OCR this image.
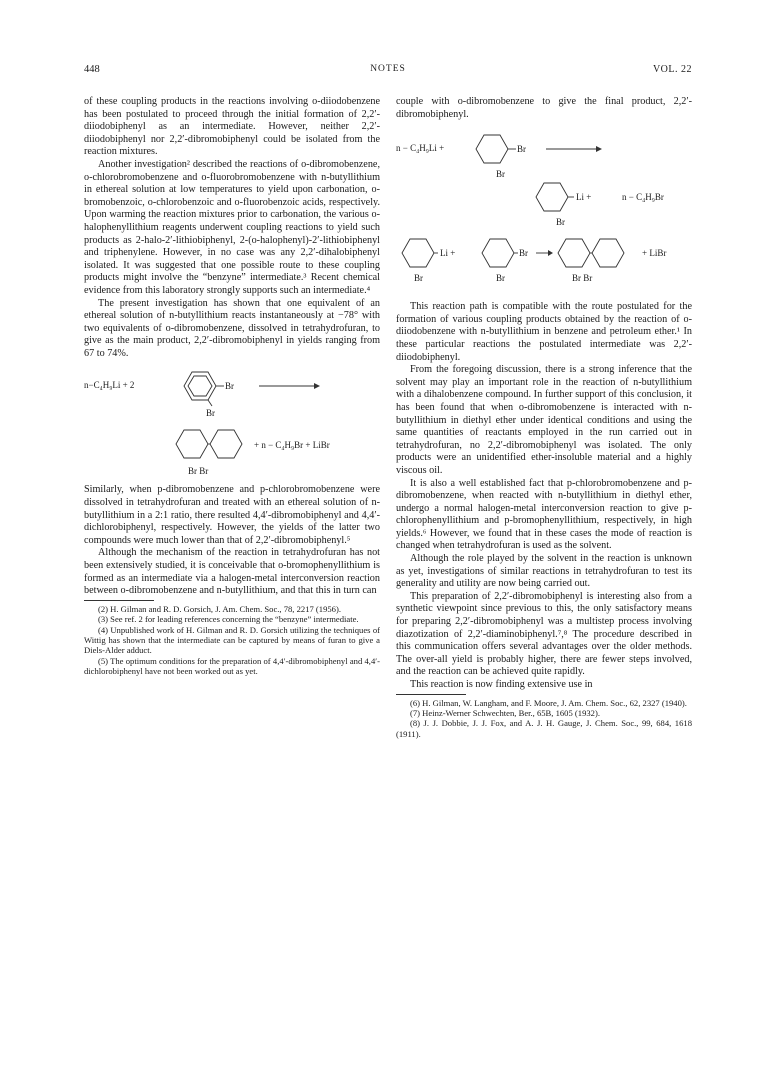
448	NOTES	VOL. 22

of these coupling products in the reactions involving o-diiodobenzene has been postulated to proceed through the initial formation of 2,2′-diiodobiphenyl as an intermediate. However, neither 2,2′-diiodobiphenyl nor 2,2′-dibromobiphenyl could be isolated from the reaction mixtures.

Another investigation² described the reactions of o-dibromobenzene, o-chlorobromobenzene and o-fluorobromobenzene with n-butyllithium in ethereal solution at low temperatures to yield upon carbonation, o-bromobenzoic, o-chlorobenzoic and o-fluorobenzoic acids, respectively. Upon warming the reaction mixtures prior to carbonation, the various o-halophenyllithium reagents underwent coupling reactions to yield such products as 2-halo-2′-lithiobiphenyl, 2-(o-halophenyl)-2′-lithiobiphenyl and triphenylene. However, in no case was any 2,2′-dihalobiphenyl isolated. It was suggested that one possible route to these coupling products might involve the “benzyne” intermediate.³ Recent chemical evidence from this laboratory strongly supports such an intermediate.⁴

The present investigation has shown that one equivalent of an ethereal solution of n-butyllithium reacts instantaneously at −78° with two equivalents of o-dibromobenzene, dissolved in tetrahydrofuran, to give as the main product, 2,2′-dibromobiphenyl in yields ranging from 67 to 74%.

n−C₄H₉Li + 2	Br
Br
+ n − C₄H₉Br + LiBr
Br Br

Similarly, when p-dibromobenzene and p-chlorobromobenzene were dissolved in tetrahydrofuran and treated with an ethereal solution of n-butyllithium in a 2:1 ratio, there resulted 4,4′-dibromobiphenyl and 4,4′-dichlorobiphenyl, respectively. However, the yields of the latter two compounds were much lower than that of 2,2′-dibromobiphenyl.⁵

Although the mechanism of the reaction in tetrahydrofuran has not been extensively studied, it is conceivable that o-bromophenyllithium is formed as an intermediate via a halogen-metal interconversion reaction between o-dibromobenzene and n-butyllithium, and that this in turn can

(2) H. Gilman and R. D. Gorsich, J. Am. Chem. Soc., 78, 2217 (1956).

(3) See ref. 2 for leading references concerning the “benzyne” intermediate.

(4) Unpublished work of H. Gilman and R. D. Gorsich utilizing the techniques of Wittig has shown that the intermediate can be captured by means of furan to give a Diels-Alder adduct.

(5) The optimum conditions for the preparation of 4,4′-dibromobiphenyl and 4,4′-dichlorobiphenyl have not been worked out as yet.

couple with o-dibromobenzene to give the final product, 2,2′-dibromobiphenyl.

n − C₄H₉Li +	Br
Br
Li +	n − C₄H₉Br
Br
Li +
Br
Br
Br	Br Br
+ LiBr

This reaction path is compatible with the route postulated for the formation of various coupling products obtained by the reaction of o-diiodobenzene with n-butyllithium in benzene and petroleum ether.¹ In these particular reactions the postulated intermediate was 2,2′-diiodobiphenyl.

From the foregoing discussion, there is a strong inference that the solvent may play an important role in the reaction of n-butyllithium with a dihalobenzene compound. In further support of this conclusion, it has been found that when o-dibromobenzene is interacted with n-butyllithium in diethyl ether under identical conditions and using the same quantities of reactants employed in the run carried out in tetrahydrofuran, no 2,2′-dibromobiphenyl was isolated. The only products were an unidentified ether-insoluble material and a highly viscous oil.

It is also a well established fact that p-chlorobromobenzene and p-dibromobenzene, when reacted with n-butyllithium in diethyl ether, undergo a normal halogen-metal interconversion reaction to give p-chlorophenyllithium and p-bromophenyllithium, respectively, in high yields.⁶ However, we found that in these cases the mode of reaction is changed when tetrahydrofuran is used as the solvent.

Although the role played by the solvent in the reaction is unknown as yet, investigations of similar reactions in tetrahydrofuran to test its generality and utility are now being carried out.

This preparation of 2,2′-dibromobiphenyl is interesting also from a synthetic viewpoint since previous to this, the only satisfactory means for preparing 2,2′-dibromobiphenyl was a multistep process involving diazotization of 2,2′-diaminobiphenyl.⁷,⁸ The procedure described in this communication offers several advantages over the older methods. The over-all yield is probably higher, there are fewer steps involved, and the reaction can be achieved quite rapidly.

This reaction is now finding extensive use in

(6) H. Gilman, W. Langham, and F. Moore, J. Am. Chem. Soc., 62, 2327 (1940).

(7) Heinz-Werner Schwechten, Ber., 65B, 1605 (1932).

(8) J. J. Dobbie, J. J. Fox, and A. J. H. Gauge, J. Chem. Soc., 99, 684, 1618 (1911).
